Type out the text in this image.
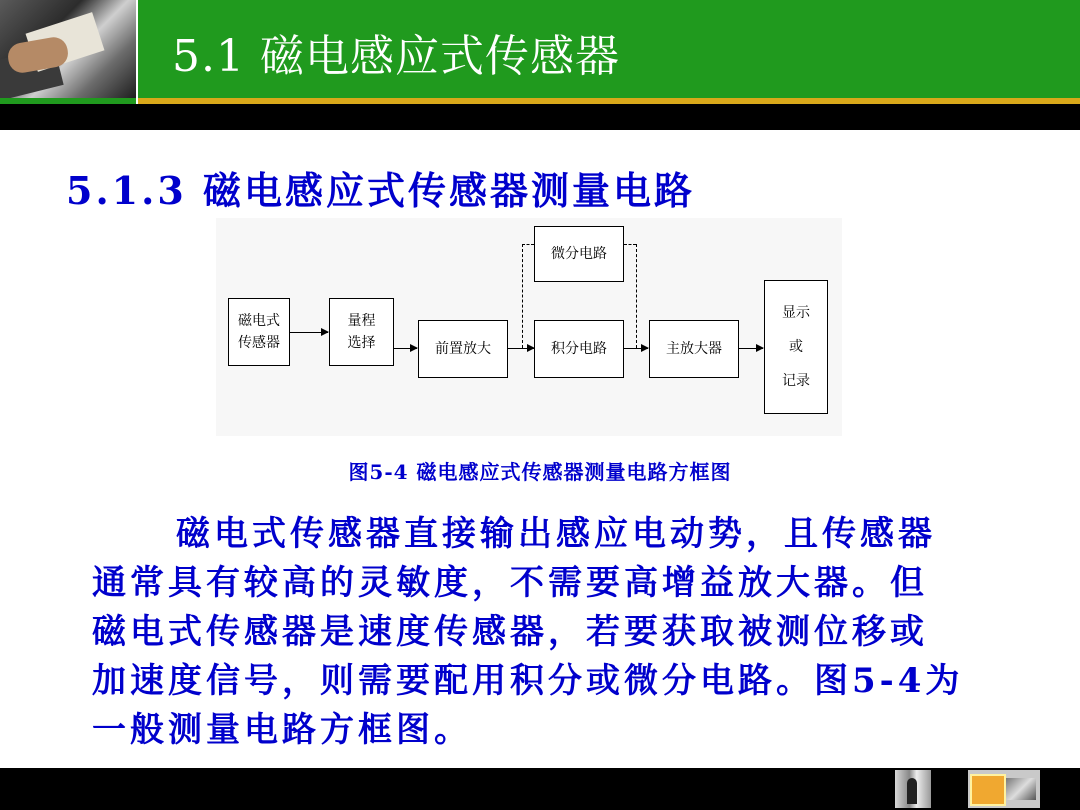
5.1 磁电感应式传感器
5.1.3 磁电感应式传感器测量电路
磁电式
传感器
量程
选择	前置放大
微分电路
积分电路	主放大器
显示
或
记录
图5-4 磁电感应式传感器测量电路方框图
磁电式传感器直接输出感应电动势，且传感器
通常具有较高的灵敏度，不需要高增益放大器。但
磁电式传感器是速度传感器，若要获取被测位移或
加速度信号，则需要配用积分或微分电路。图5-4为
一般测量电路方框图。
